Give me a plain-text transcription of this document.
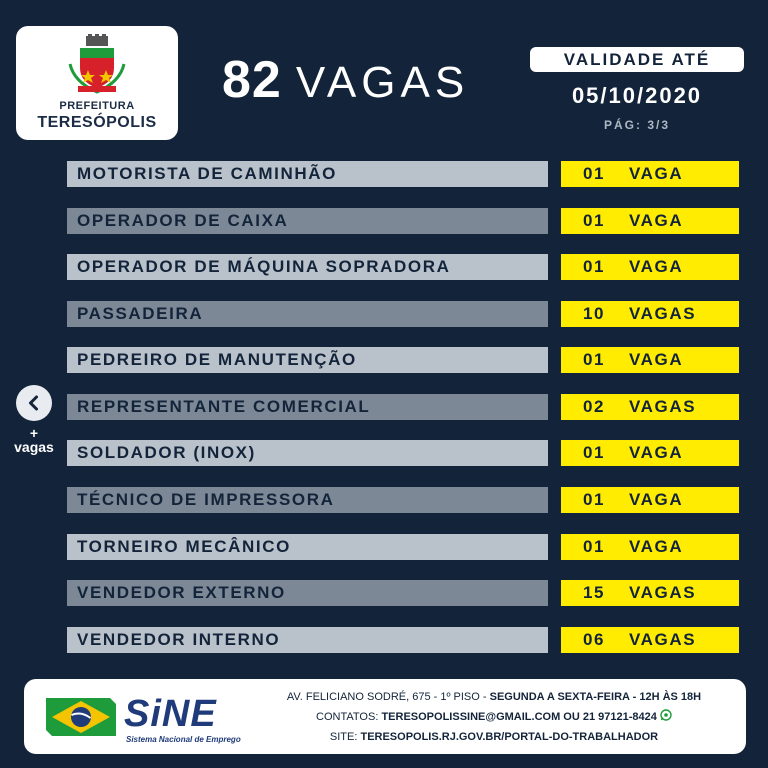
PREFEITURA
TERESÓPOLIS
82 VAGAS	VALIDADE ATÉ
05/10/2020
PÁG: 3/3
+
vagas
MOTORISTA DE CAMINHÃO	01	VAGA
OPERADOR DE CAIXA	01	VAGA
OPERADOR DE MÁQUINA SOPRADORA	01	VAGA
PASSADEIRA	10	VAGAS
PEDREIRO DE MANUTENÇÃO	01	VAGA
REPRESENTANTE COMERCIAL	02	VAGAS
SOLDADOR (INOX)	01	VAGA
TÉCNICO DE IMPRESSORA	01	VAGA
TORNEIRO MECÂNICO	01	VAGA
VENDEDOR EXTERNO	15	VAGAS
VENDEDOR INTERNO	06	VAGAS
SiNE
Sistema Nacional de Emprego
AV. FELICIANO SODRÉ, 675 - 1º PISO - SEGUNDA A SEXTA-FEIRA - 12H ÀS 18H
CONTATOS: TERESOPOLISSINE@GMAIL.COM OU 21 97121-8424
SITE: TERESOPOLIS.RJ.GOV.BR/PORTAL-DO-TRABALHADOR
